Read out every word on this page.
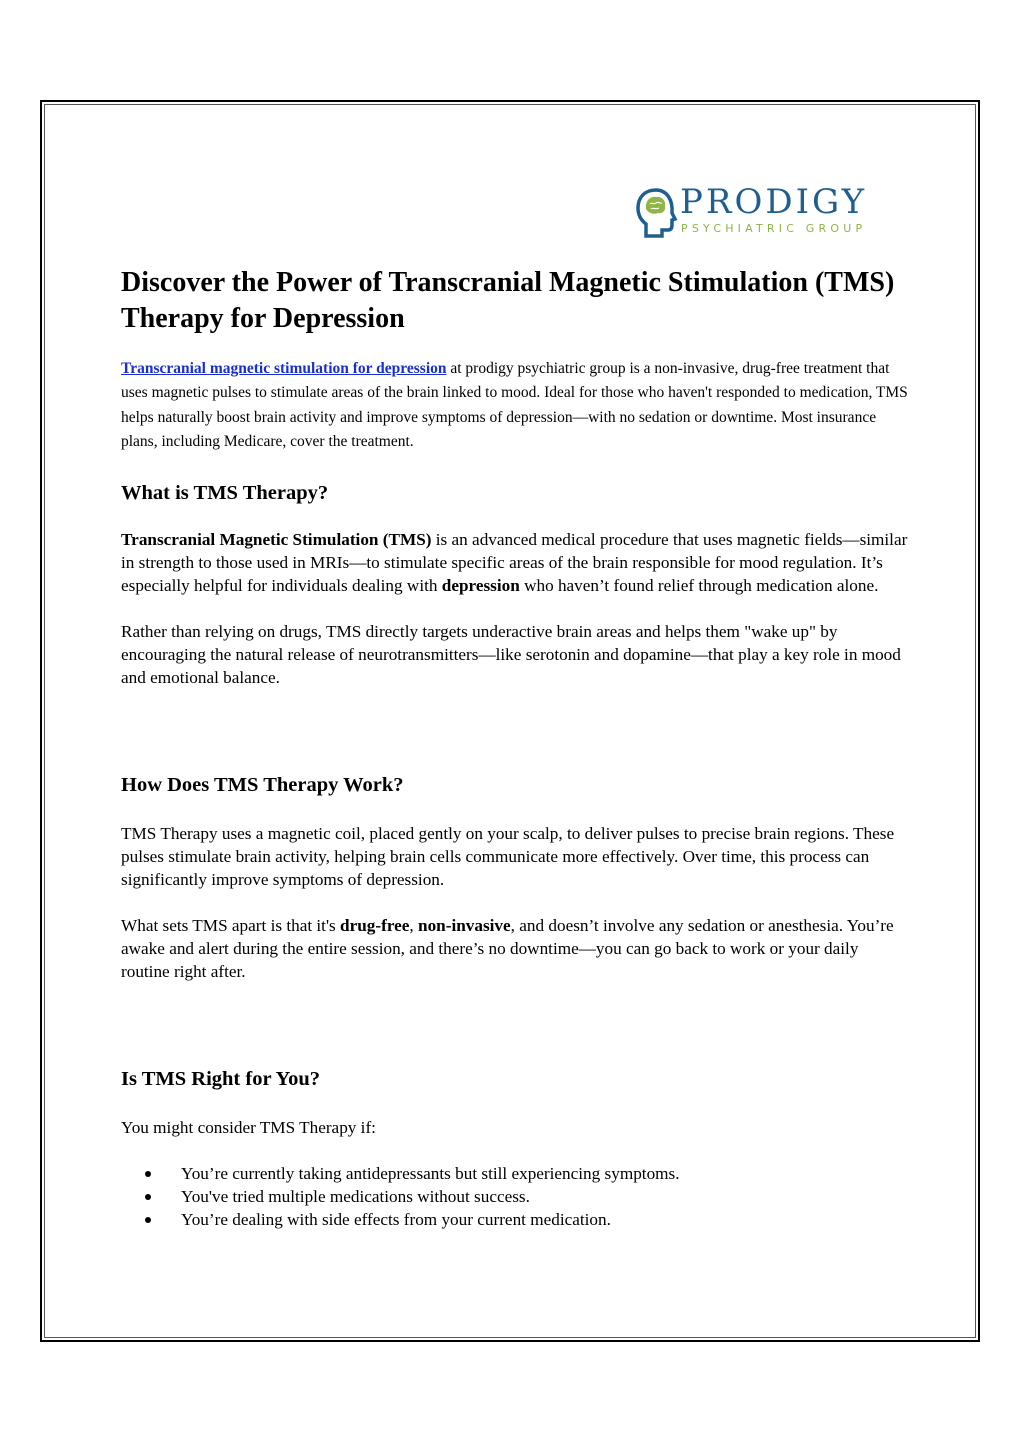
PRODIGY
PSYCHIATRIC GROUP
Discover the Power of Transcranial Magnetic Stimulation (TMS) Therapy for Depression

Transcranial magnetic stimulation for depression at prodigy psychiatric group is a non-invasive, drug-free treatment that uses magnetic pulses to stimulate areas of the brain linked to mood. Ideal for those who haven't responded to medication, TMS helps naturally boost brain activity and improve symptoms of depression—with no sedation or downtime. Most insurance plans, including Medicare, cover the treatment.

What is TMS Therapy?

Transcranial Magnetic Stimulation (TMS) is an advanced medical procedure that uses magnetic fields—similar in strength to those used in MRIs—to stimulate specific areas of the brain responsible for mood regulation. It’s especially helpful for individuals dealing with depression who haven’t found relief through medication alone.

Rather than relying on drugs, TMS directly targets underactive brain areas and helps them "wake up" by encouraging the natural release of neurotransmitters—like serotonin and dopamine—that play a key role in mood and emotional balance.

How Does TMS Therapy Work?

TMS Therapy uses a magnetic coil, placed gently on your scalp, to deliver pulses to precise brain regions. These pulses stimulate brain activity, helping brain cells communicate more effectively. Over time, this process can significantly improve symptoms of depression.

What sets TMS apart is that it's drug-free, non-invasive, and doesn’t involve any sedation or anesthesia. You’re awake and alert during the entire session, and there’s no downtime—you can go back to work or your daily routine right after.

Is TMS Right for You?

You might consider TMS Therapy if:

You’re currently taking antidepressants but still experiencing symptoms.
You've tried multiple medications without success.
You’re dealing with side effects from your current medication.
